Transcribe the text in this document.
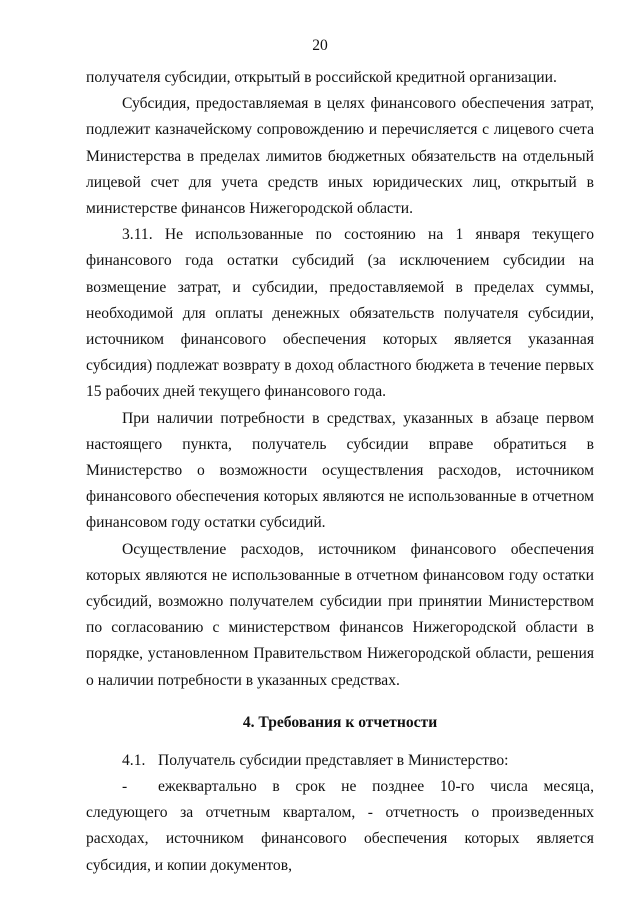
20

получателя субсидии, открытый в российской кредитной организации.

Субсидия, предоставляемая в целях финансового обеспечения затрат, подлежит казначейскому сопровождению и перечисляется с лицевого счета Министерства в пределах лимитов бюджетных обязательств на отдельный лицевой счет для учета средств иных юридических лиц, открытый в министерстве финансов Нижегородской области.

3.11. Не использованные по состоянию на 1 января текущего финансового года остатки субсидий (за исключением субсидии на возмещение затрат, и субсидии, предоставляемой в пределах суммы, необходимой для оплаты денежных обязательств получателя субсидии, источником финансового обеспечения которых является указанная субсидия) подлежат возврату в доход областного бюджета в течение первых 15 рабочих дней текущего финансового года.

При наличии потребности в средствах, указанных в абзаце первом настоящего пункта, получатель субсидии вправе обратиться в Министерство о возможности осуществления расходов, источником финансового обеспечения которых являются не использованные в отчетном финансовом году остатки субсидий.

Осуществление расходов, источником финансового обеспечения которых являются не использованные в отчетном финансовом году остатки субсидий, возможно получателем субсидии при принятии Министерством по согласованию с министерством финансов Нижегородской области в порядке, установленном Правительством Нижегородской области, решения о наличии потребности в указанных средствах.

4. Требования к отчетности

4.1. Получатель субсидии представляет в Министерство:

- ежеквартально в срок не позднее 10-го числа месяца, следующего за отчетным кварталом, - отчетность о произведенных расходах, источником финансового обеспечения которых является субсидия, и копии документов,
